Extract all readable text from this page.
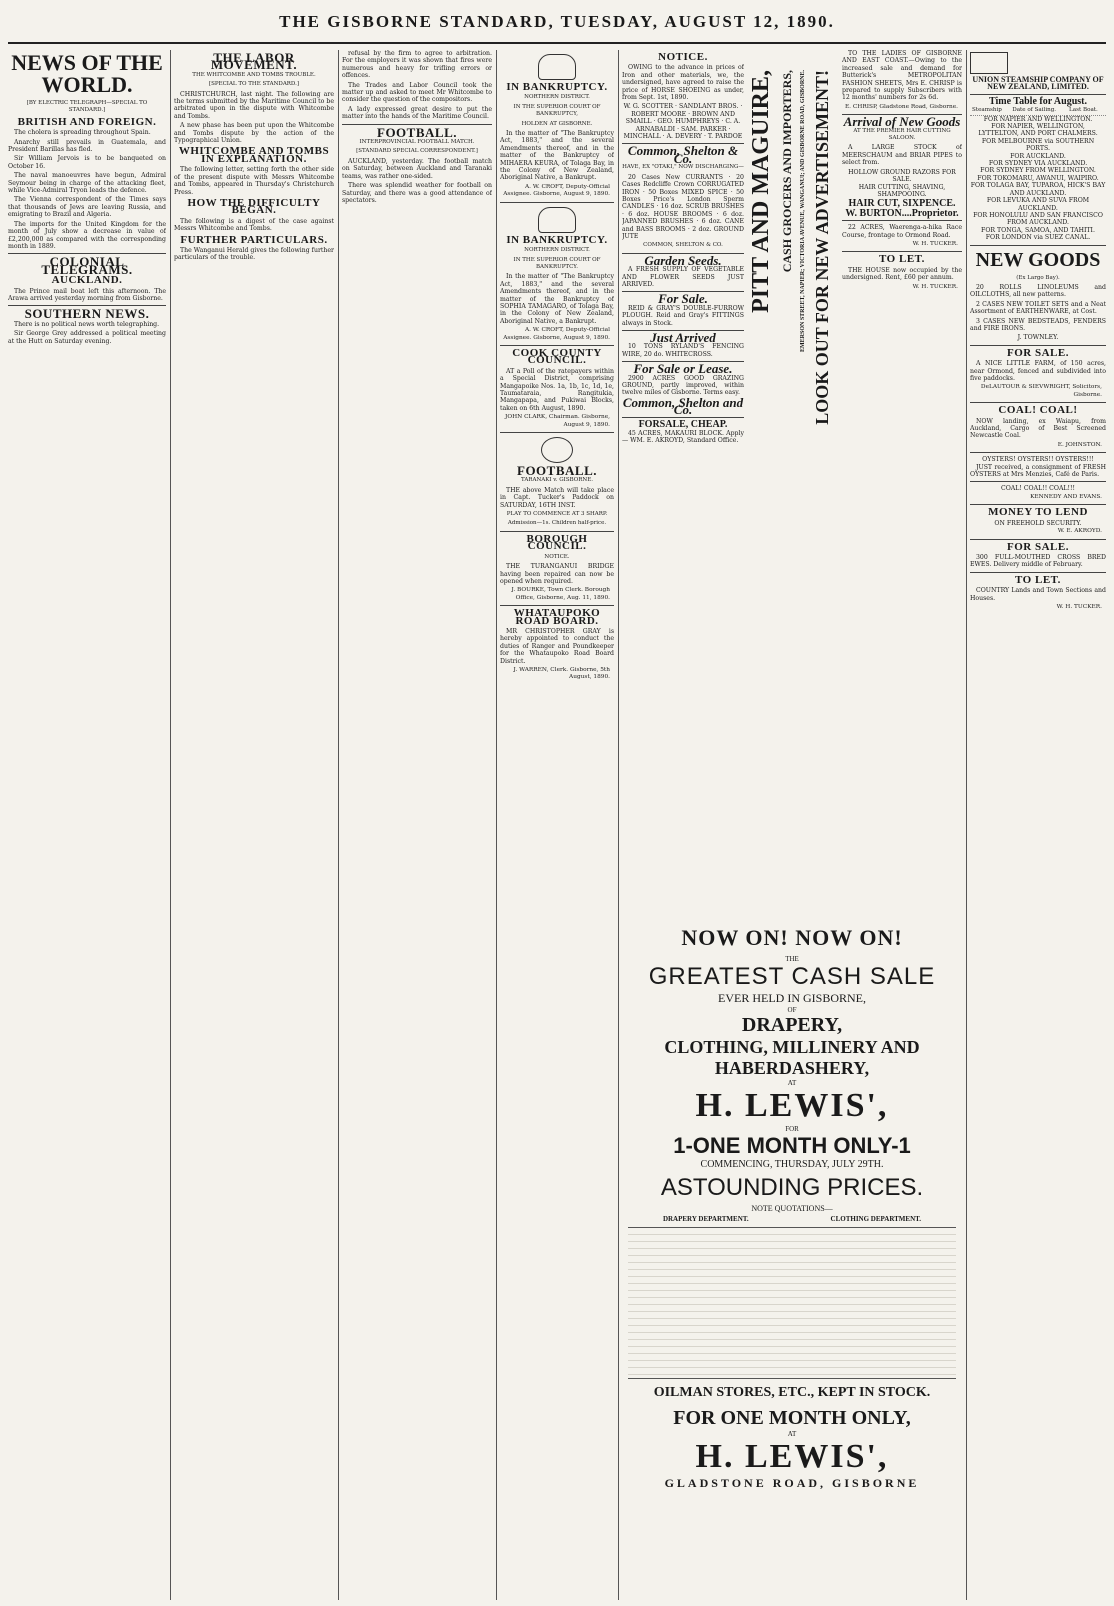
THE GISBORNE STANDARD, TUESDAY, AUGUST 12, 1890.
NEWS OF THE WORLD.
[BY ELECTRIC TELEGRAPH—SPECIAL TO STANDARD.]
BRITISH AND FOREIGN.

The cholera is spreading throughout Spain.

Anarchy still prevails in Guatemala, and President Barillas has fled.

Sir William Jervois is to be banqueted on October 16.

The naval manoeuvres have begun, Admiral Seymour being in charge of the attacking fleet, while Vice-Admiral Tryon leads the defence.

The Vienna correspondent of the Times says that thousands of Jews are leaving Russia, and emigrating to Brazil and Algeria.

The imports for the United Kingdom for the month of July show a decrease in value of £2,200,000 as compared with the corresponding month in 1889.

COLONIAL TELEGRAMS.
AUCKLAND.

The Prince mail boat left this afternoon. The Arawa arrived yesterday morning from Gisborne.

SOUTHERN NEWS.

There is no political news worth telegraphing.

Sir George Grey addressed a political meeting at the Hutt on Saturday evening.

THE LABOR MOVEMENT.
THE WHITCOMBE AND TOMBS TROUBLE.
[SPECIAL TO THE STANDARD.]

CHRISTCHURCH, last night. The following are the terms submitted by the Maritime Council to be arbitrated upon in the dispute with Whitcombe and Tombs.

A new phase has been put upon the Whitcombe and Tombs dispute by the action of the Typographical Union.

WHITCOMBE AND TOMBS IN EXPLANATION.

The following letter, setting forth the other side of the present dispute with Messrs Whitcombe and Tombs, appeared in Thursday's Christchurch Press.

HOW THE DIFFICULTY BEGAN.

The following is a digest of the case against Messrs Whitcombe and Tombs.

FURTHER PARTICULARS.

The Wanganui Herald gives the following further particulars of the trouble.

refusal by the firm to agree to arbitration. For the employers it was shown that fires were numerous and heavy for trifling errors or offences.

The Trades and Labor Council took the matter up and asked to meet Mr Whitcombe to consider the question of the compositors.

A lady expressed great desire to put the matter into the hands of the Maritime Council.

FOOTBALL.
INTERPROVINCIAL FOOTBALL MATCH.
[STANDARD SPECIAL CORRESPONDENT.]

AUCKLAND, yesterday. The football match on Saturday, between Auckland and Taranaki teams, was rather one-sided.

There was splendid weather for football on Saturday, and there was a good attendance of spectators.

IN BANKRUPTCY.
NORTHERN DISTRICT.
IN THE SUPERIOR COURT OF BANKRUPTCY,
HOLDEN AT GISBORNE.

In the matter of "The Bankruptcy Act, 1883," and the several Amendments thereof, and in the matter of the Bankruptcy of MIHAERA KEURA, of Tolaga Bay, in the Colony of New Zealand, Aboriginal Native, a Bankrupt.

A. W. CROFT, Deputy-Official Assignee. Gisborne, August 9, 1890.
IN BANKRUPTCY.
NORTHERN DISTRICT.
IN THE SUPERIOR COURT OF BANKRUPTCY.

In the matter of "The Bankruptcy Act, 1883," and the several Amendments thereof, and in the matter of the Bankruptcy of SOPHIA TAMAGARO, of Tolaga Bay, in the Colony of New Zealand, Aboriginal Native, a Bankrupt.

A. W. CROFT, Deputy-Official Assignee. Gisborne, August 9, 1890.
COOK COUNTY COUNCIL.

AT a Poll of the ratepayers within a Special District, comprising Mangapoike Nos. 1a, 1b, 1c, 1d, 1e, Taumataraia, Rangitukia, Mangapapa, and Pukiwai Blocks, taken on 6th August, 1890.

JOHN CLARK, Chairman. Gisborne, August 9, 1890.
FOOTBALL.
TARANAKI v. GISBORNE.

THE above Match will take place in Capt. Tucker's Paddock on SATURDAY, 16TH INST.

PLAY TO COMMENCE AT 3 SHARP.
Admission—1s. Children half-price.
BOROUGH COUNCIL.
NOTICE.

THE TURANGANUI BRIDGE having been repaired can now be opened when required.

J. BOURKE, Town Clerk. Borough Office, Gisborne, Aug. 11, 1890.
WHATAUPOKO ROAD BOARD.

MR CHRISTOPHER GRAY is hereby appointed to conduct the duties of Ranger and Poundkeeper for the Whataupoko Road Board District.

J. WARREN, Clerk. Gisborne, 5th August, 1890.
NOTICE.

OWING to the advance in prices of Iron and other materials, we, the undersigned, have agreed to raise the price of HORSE SHOEING as under, from Sept. 1st, 1890.

W. G. SCOTTER · SANDLANT BROS. · ROBERT MOORE · BROWN AND SMAILL · GEO. HUMPHREYS · C. A. ARNABALDI · SAM. PARKER · MINCHALL · A. DEVERY · T. PARDOE
Common, Shelton & Co.
HAVE, EX "OTAKI," NOW DISCHARGING—

20 Cases New CURRANTS · 20 Cases Redcliffe Crown CORRUGATED IRON · 50 Boxes MIXED SPICE · 50 Boxes Price's London Sperm CANDLES · 16 doz. SCRUB BRUSHES · 6 doz. HOUSE BROOMS · 6 doz. JAPANNED BRUSHES · 6 doz. CANE and BASS BROOMS · 2 doz. GROUND JUTE

COMMON, SHELTON & CO.
Garden Seeds.

A FRESH SUPPLY OF VEGETABLE AND FLOWER SEEDS JUST ARRIVED.

For Sale.

REID & GRAY'S DOUBLE-FURROW PLOUGH. Reid and Gray's FITTINGS always in Stock.

Just Arrived

10 TONS RYLAND'S FENCING WIRE, 20 do. WHITECROSS.

For Sale or Lease.

2900 ACRES GOOD GRAZING GROUND, partly improved, within twelve miles of Gisborne. Terms easy.

Common, Shelton and Co.
FORSALE, CHEAP.

45 ACRES, MAKAURI BLOCK. Apply— WM. E. AKROYD, Standard Office.

PITT AND MAGUIRE, CASH GROCERS AND IMPORTERS, EMERSON STREET, NAPIER; VICTORIA AVENUE, WANGANUI; AND GISBORNE ROAD, GISBORNE. LOOK OUT FOR NEW ADVERTISEMENT!

TO THE LADIES OF GISBORNE AND EAST COAST.—Owing to the increased sale and demand for Butterick's METROPOLITAN FASHION SHEETS, Mrs E. CHRISP is prepared to supply Subscribers with 12 months' numbers for 2s 6d.

E. CHRISP, Gladstone Road, Gisborne.
Arrival of New Goods
AT THE PREMIER HAIR CUTTING SALOON.

A LARGE STOCK of MEERSCHAUM and BRIAR PIPES to select from.

HOLLOW GROUND RAZORS FOR SALE.
HAIR CUTTING, SHAVING, SHAMPOOING.
HAIR CUT, SIXPENCE.
W. BURTON....Proprietor.

22 ACRES, Waerenga-a-hika Race Course, frontage to Ormond Road.

W. H. TUCKER.
TO LET.

THE HOUSE now occupied by the undersigned. Rent, £60 per annum.

W. H. TUCKER.
UNION STEAMSHIP COMPANY OF NEW ZEALAND, LIMITED.
Time Table for August.
Steamship	Date of Sailing.	Last Boat.
FOR NAPIER AND WELLINGTON.
FOR NAPIER, WELLINGTON, LYTTELTON, AND PORT CHALMERS.
FOR MELBOURNE via SOUTHERN PORTS.
FOR AUCKLAND.
FOR SYDNEY VIA AUCKLAND.
FOR SYDNEY FROM WELLINGTON.
FOR TOKOMARU, AWANUI, WAIPIRO.
FOR TOLAGA BAY, TUPAROA, HICK'S BAY AND AUCKLAND.
FOR LEVUKA AND SUVA FROM AUCKLAND.
FOR HONOLULU AND SAN FRANCISCO FROM AUCKLAND.
FOR TONGA, SAMOA, AND TAHITI.
FOR LONDON via SUEZ CANAL.
NEW GOODS
(Ex Largo Bay).

20 ROLLS LINOLEUMS and OILCLOTHS, all new patterns.

2 CASES NEW TOILET SETS and a Neat Assortment of EARTHENWARE, at Cost.

3 CASES NEW BEDSTEADS, FENDERS and FIRE IRONS.

J. TOWNLEY.
FOR SALE.

A NICE LITTLE FARM, of 150 acres, near Ormond, fenced and subdivided into five paddocks.

DeLAUTOUR & SIEVWRIGHT, Solicitors, Gisborne.
COAL! COAL!

NOW landing, ex Waiapu, from Auckland, Cargo of Best Screened Newcastle Coal.

E. JOHNSTON.
OYSTERS! OYSTERS!! OYSTERS!!!

JUST received, a consignment of FRESH OYSTERS at Mrs Menzies, Café de Paris.

COAL! COAL!! COAL!!!
KENNEDY AND EVANS.
MONEY TO LEND
ON FREEHOLD SECURITY.
W. E. AKROYD.
FOR SALE.

300 FULL-MOUTHED CROSS BRED EWES. Delivery middle of February.

TO LET.

COUNTRY Lands and Town Sections and Houses.

W. H. TUCKER.
NOW ON! NOW ON!
THE
GREATEST CASH SALE
EVER HELD IN GISBORNE,
OF
DRAPERY,
CLOTHING, MILLINERY AND
HABERDASHERY,
AT
H. LEWIS',
FOR
1-ONE MONTH ONLY-1
COMMENCING, THURSDAY, JULY 29TH.
ASTOUNDING PRICES.
NOTE QUOTATIONS—
DRAPERY DEPARTMENT.	CLOTHING DEPARTMENT.
OILMAN STORES, ETC., KEPT IN STOCK.
FOR ONE MONTH ONLY,
AT
H. LEWIS',
GLADSTONE ROAD, GISBORNE
